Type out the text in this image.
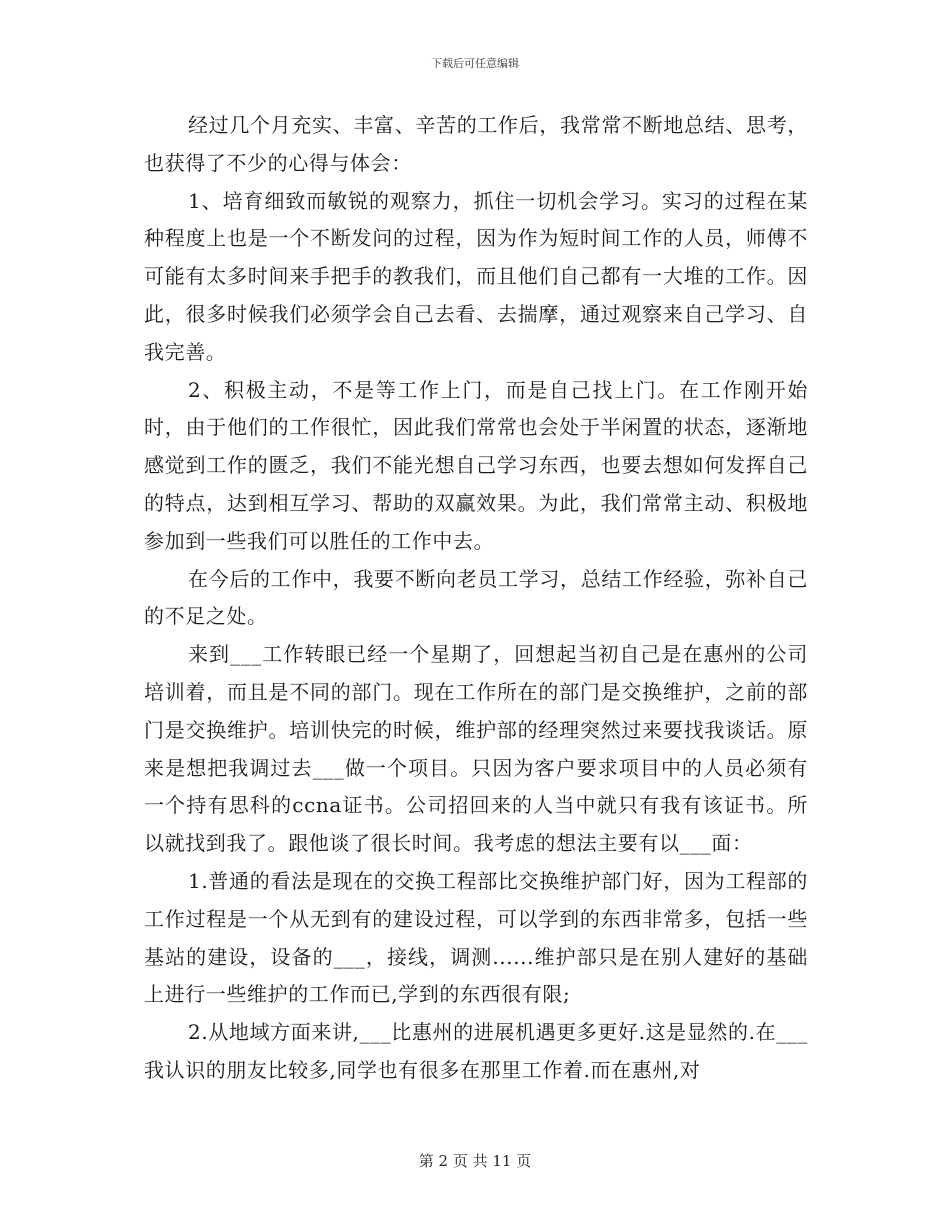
下载后可任意编辑

经过几个月充实、丰富、辛苦的工作后，我常常不断地总结、思考，也获得了不少的心得与体会：

1、培育细致而敏锐的观察力，抓住一切机会学习。实习的过程在某种程度上也是一个不断发问的过程，因为作为短时间工作的人员，师傅不可能有太多时间来手把手的教我们，而且他们自己都有一大堆的工作。因此，很多时候我们必须学会自己去看、去揣摩，通过观察来自己学习、自我完善。

2、积极主动，不是等工作上门，而是自己找上门。在工作刚开始时，由于他们的工作很忙，因此我们常常也会处于半闲置的状态，逐渐地感觉到工作的匮乏，我们不能光想自己学习东西，也要去想如何发挥自己的特点，达到相互学习、帮助的双赢效果。为此，我们常常主动、积极地参加到一些我们可以胜任的工作中去。

在今后的工作中，我要不断向老员工学习，总结工作经验，弥补自己的不足之处。

来到___工作转眼已经一个星期了，回想起当初自己是在惠州的公司培训着，而且是不同的部门。现在工作所在的部门是交换维护，之前的部门是交换维护。培训快完的时候，维护部的经理突然过来要找我谈话。原来是想把我调过去___做一个项目。只因为客户要求项目中的人员必须有一个持有思科的ccna证书。公司招回来的人当中就只有我有该证书。所以就找到我了。跟他谈了很长时间。我考虑的想法主要有以___面：

1.普通的看法是现在的交换工程部比交换维护部门好，因为工程部的工作过程是一个从无到有的建设过程，可以学到的东西非常多，包括一些基站的建设，设备的___，接线，调测......维护部只是在别人建好的基础上进行一些维护的工作而已,学到的东西很有限;

2.从地域方面来讲,___比惠州的进展机遇更多更好.这是显然的.在___我认识的朋友比较多,同学也有很多在那里工作着.而在惠州,对

第 2 页 共 11 页
